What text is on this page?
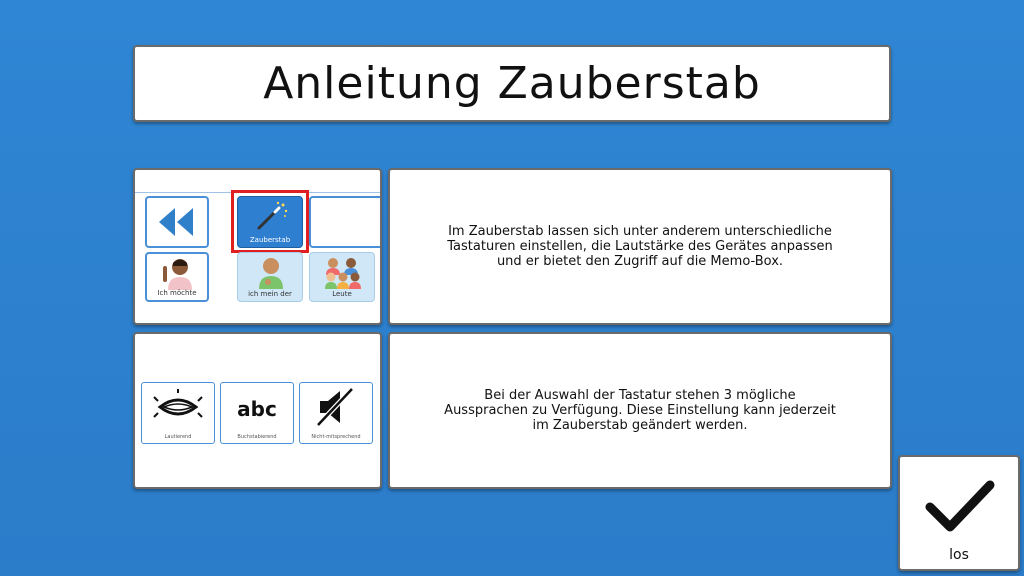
Anleitung Zauberstab
Zauberstab
Ich möchte	ich mein der	Leute
Im Zauberstab lassen sich unter anderem unterschiedliche
Tastaturen einstellen, die Lautstärke des Gerätes anpassen
und er bietet den Zugriff auf die Memo-Box.
Lautierend
abc
Buchstabierend	Nicht-mitsprechend
Bei der Auswahl der Tastatur stehen 3 mögliche
Aussprachen zu Verfügung. Diese Einstellung kann jederzeit
im Zauberstab geändert werden.
los
